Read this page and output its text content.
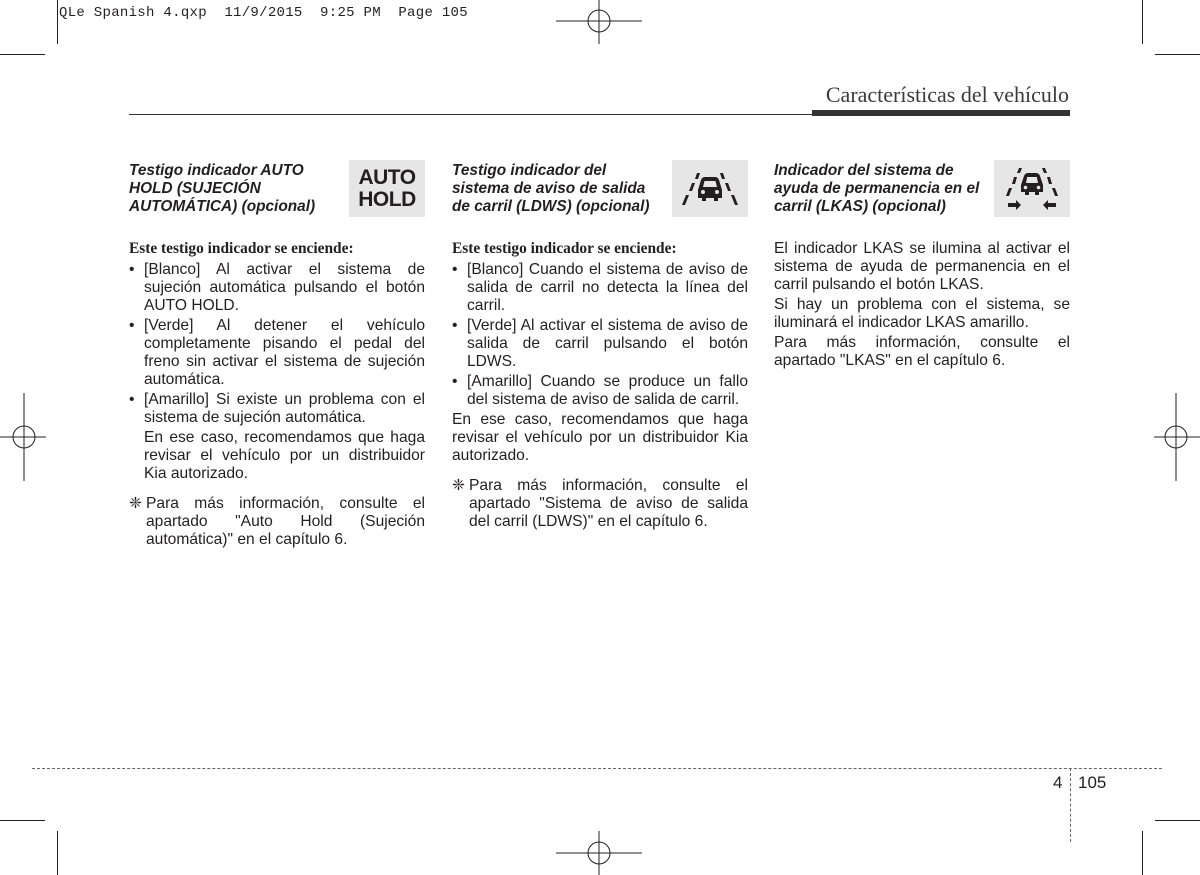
QLe Spanish 4.qxp  11/9/2015  9:25 PM  Page 105
Características del vehículo
Testigo indicador AUTO HOLD (SUJECIÓN AUTOMÁTICA) (opcional)
AUTO
HOLD
Este testigo indicador se enciende:
• [Blanco] Al activar el sistema de sujeción automática pulsando el botón AUTO HOLD.
• [Verde] Al detener el vehículo completamente pisando el pedal del freno sin activar el sistema de sujeción automática.
• [Amarillo] Si existe un problema con el sistema de sujeción automática.

En ese caso, recomendamos que haga revisar el vehículo por un distribuidor Kia autorizado.

❈ Para más información, consulte el apartado "Auto Hold (Sujeción automática)" en el capítulo 6.
Testigo indicador del sistema de aviso de salida de carril (LDWS) (opcional)
Este testigo indicador se enciende:
• [Blanco] Cuando el sistema de aviso de salida de carril no detecta la línea del carril.
• [Verde] Al activar el sistema de aviso de salida de carril pulsando el botón LDWS.
• [Amarillo] Cuando se produce un fallo del sistema de aviso de salida de carril.

En ese caso, recomendamos que haga revisar el vehículo por un distribuidor Kia autorizado.

❈ Para más información, consulte el apartado "Sistema de aviso de salida del carril (LDWS)" en el capítulo 6.
Indicador del sistema de ayuda de permanencia en el carril (LKAS) (opcional)

El indicador LKAS se ilumina al activar el sistema de ayuda de permanencia en el carril pulsando el botón LKAS.

Si hay un problema con el sistema, se iluminará el indicador LKAS amarillo.

Para más información, consulte el apartado "LKAS" en el capítulo 6.

4 105
